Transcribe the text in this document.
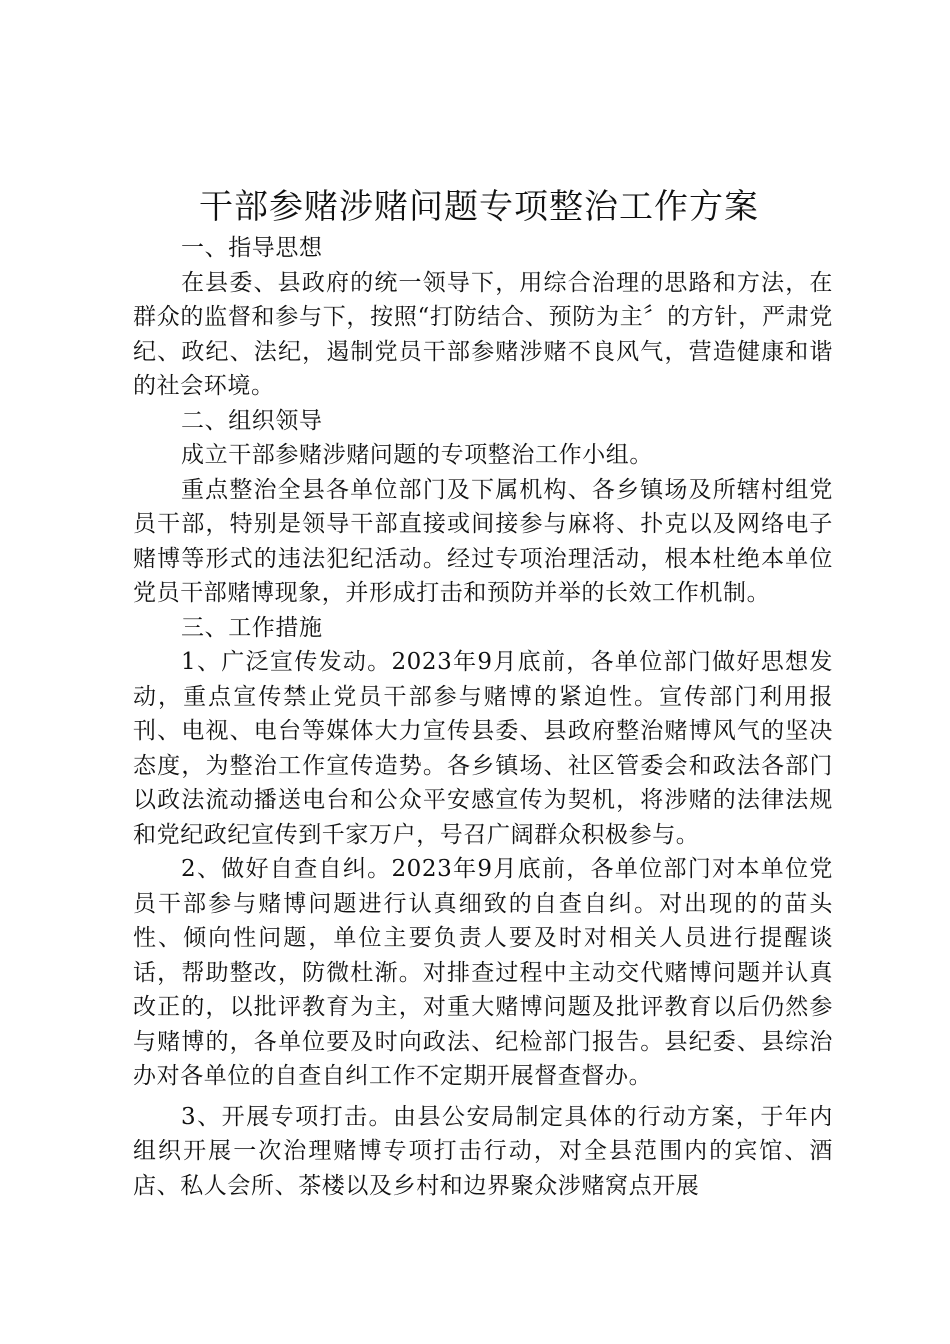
干部参赌涉赌问题专项整治工作方案

一、指导思想

在县委、县政府的统一领导下，用综合治理的思路和方法，在群众的监督和参与下，按照“打防结合、预防为主〞的方针，严肃党纪、政纪、法纪，遏制党员干部参赌涉赌不良风气，营造健康和谐的社会环境。

二、组织领导

成立干部参赌涉赌问题的专项整治工作小组。

重点整治全县各单位部门及下属机构、各乡镇场及所辖村组党员干部，特别是领导干部直接或间接参与麻将、扑克以及网络电子赌博等形式的违法犯纪活动。经过专项治理活动，根本杜绝本单位党员干部赌博现象，并形成打击和预防并举的长效工作机制。

三、工作措施

1、广泛宣传发动。2023年9月底前，各单位部门做好思想发动，重点宣传禁止党员干部参与赌博的紧迫性。宣传部门利用报刊、电视、电台等媒体大力宣传县委、县政府整治赌博风气的坚决态度，为整治工作宣传造势。各乡镇场、社区管委会和政法各部门以政法流动播送电台和公众平安感宣传为契机，将涉赌的法律法规和党纪政纪宣传到千家万户，号召广阔群众积极参与。

2、做好自查自纠。2023年9月底前，各单位部门对本单位党员干部参与赌博问题进行认真细致的自查自纠。对出现的的苗头性、倾向性问题，单位主要负责人要及时对相关人员进行提醒谈话，帮助整改，防微杜渐。对排查过程中主动交代赌博问题并认真改正的，以批评教育为主，对重大赌博问题及批评教育以后仍然参与赌博的，各单位要及时向政法、纪检部门报告。县纪委、县综治办对各单位的自查自纠工作不定期开展督查督办。

3、开展专项打击。由县公安局制定具体的行动方案，于年内组织开展一次治理赌博专项打击行动，对全县范围内的宾馆、酒店、私人会所、茶楼以及乡村和边界聚众涉赌窝点开展
